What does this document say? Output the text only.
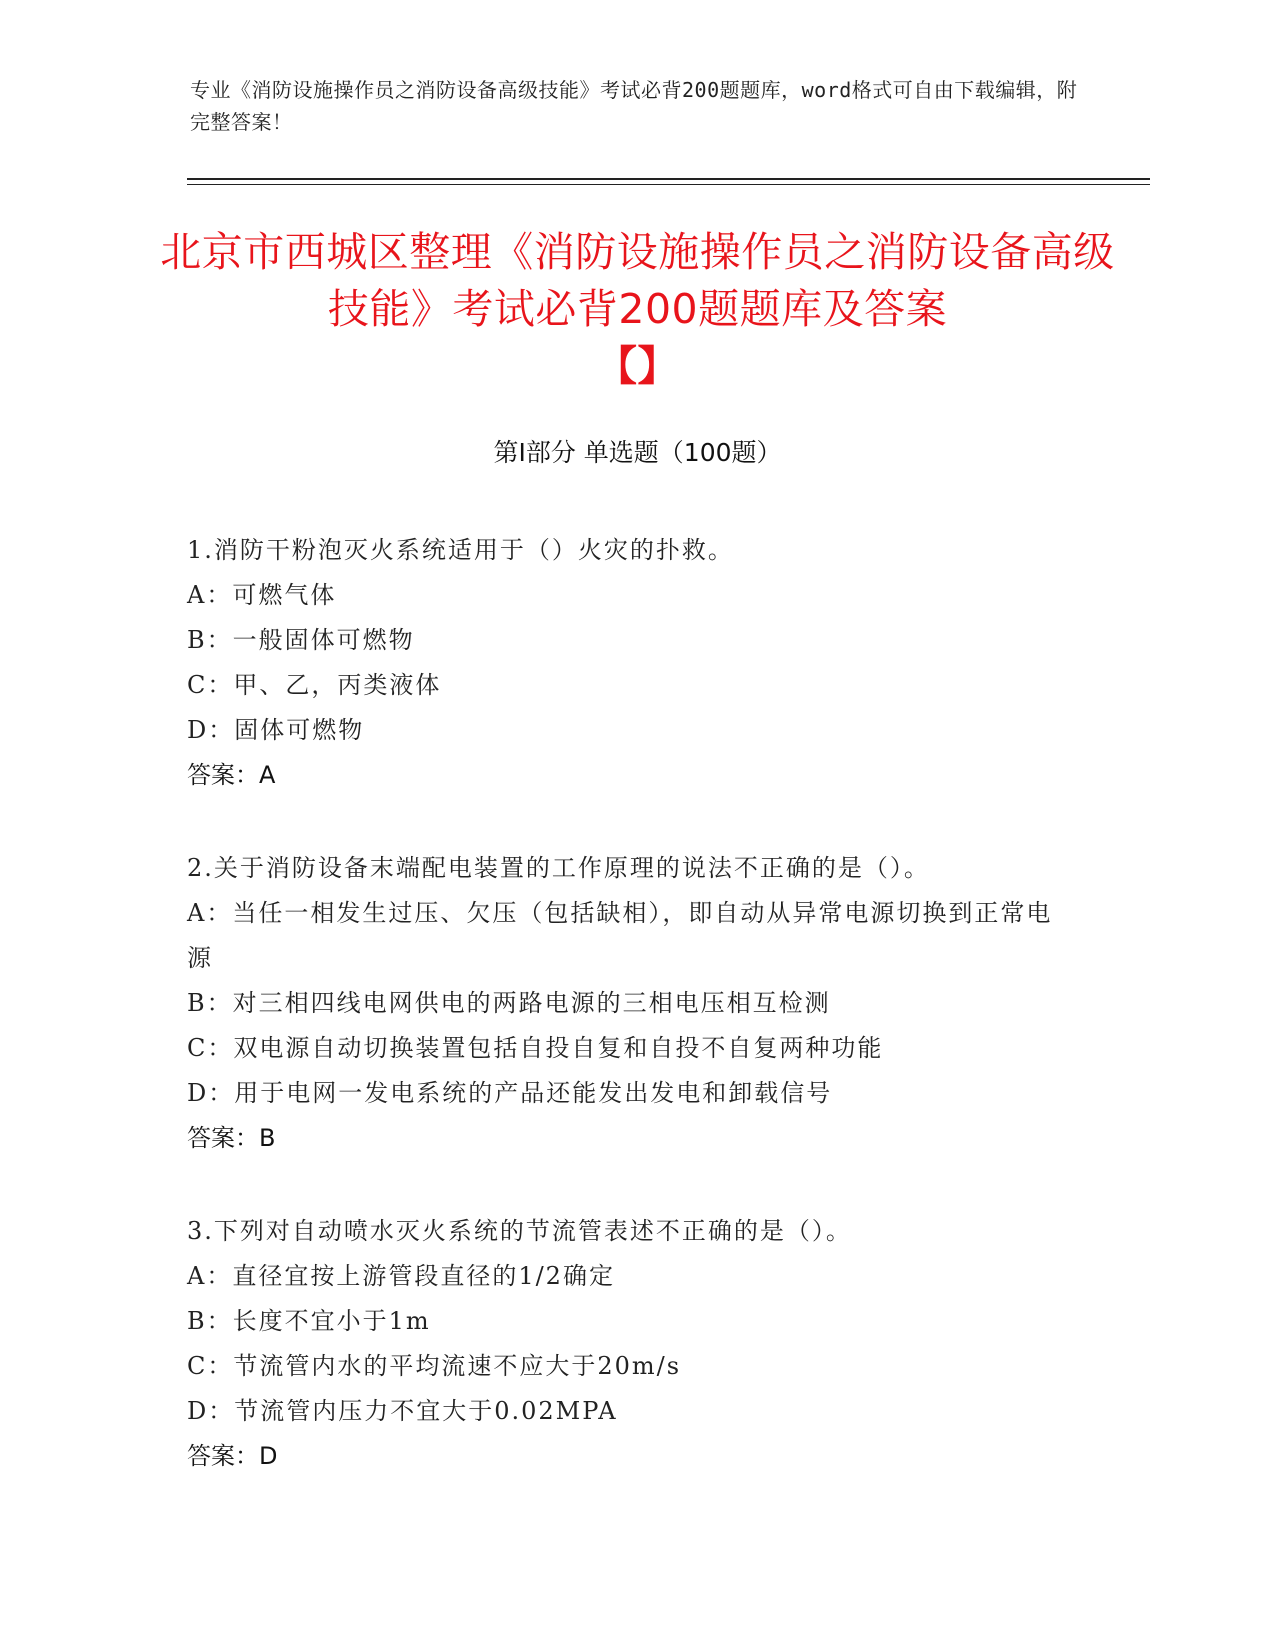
专业《消防设施操作员之消防设备高级技能》考试必背200题题库，word格式可自由下载编辑，附完整答案！
北京市西城区整理《消防设施操作员之消防设备高级技能》考试必背200题题库及答案
【】
第Ⅰ部分 单选题（100题）
1.消防干粉泡灭火系统适用于（）火灾的扑救。
A：可燃气体
B：一般固体可燃物
C：甲、乙，丙类液体
D：固体可燃物
答案：A
2.关于消防设备末端配电装置的工作原理的说法不正确的是（）。
A：当任一相发生过压、欠压（包括缺相），即自动从异常电源切换到正常电源
B：对三相四线电网供电的两路电源的三相电压相互检测
C：双电源自动切换装置包括自投自复和自投不自复两种功能
D：用于电网一发电系统的产品还能发出发电和卸载信号
答案：B
3.下列对自动喷水灭火系统的节流管表述不正确的是（）。
A：直径宜按上游管段直径的1/2确定
B：长度不宜小于1m
C：节流管内水的平均流速不应大于20m/s
D：节流管内压力不宜大于0.02MPA
答案：D
